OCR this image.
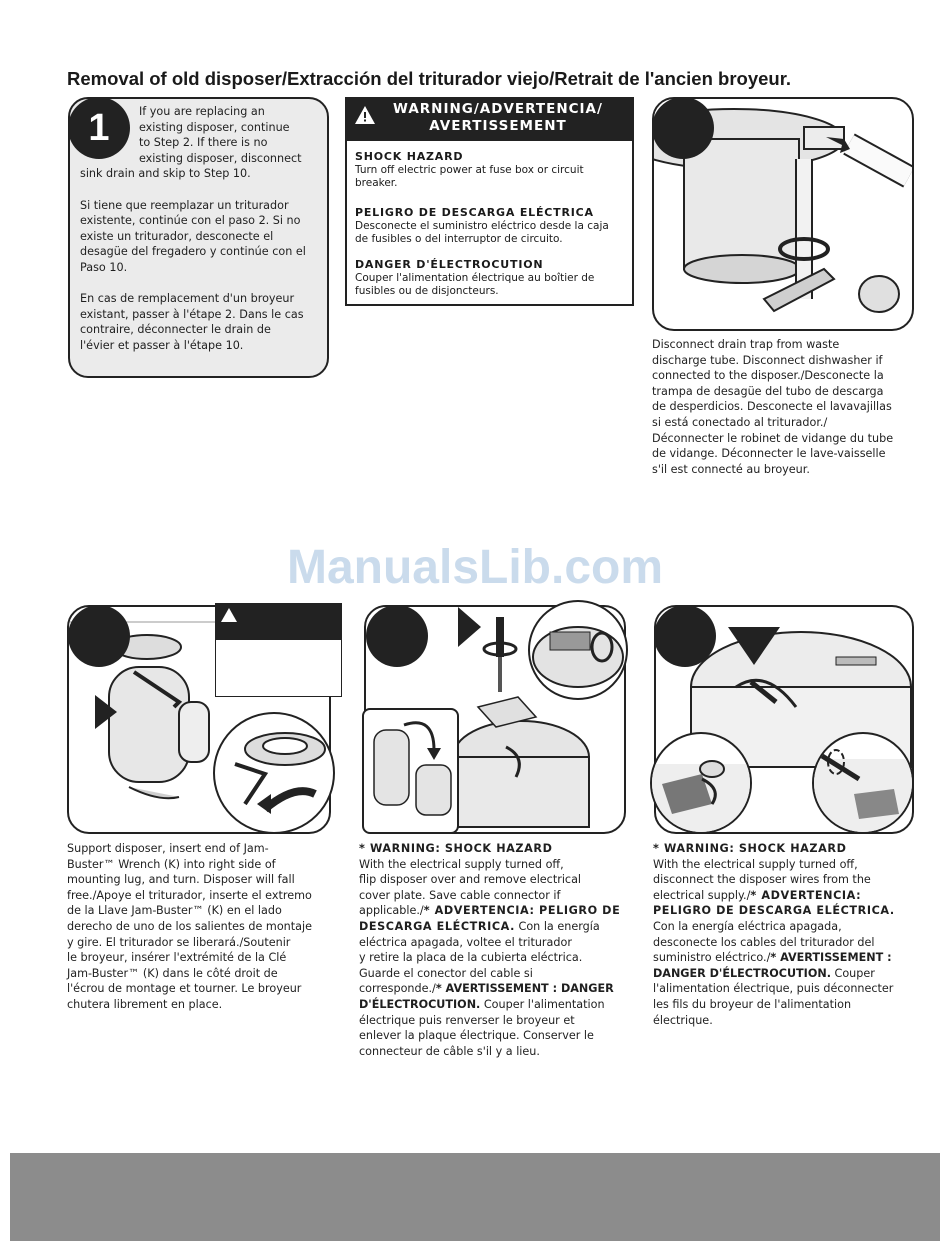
Removal of old disposer/Extracción del triturador viejo/Retrait de l'ancien broyeur.
1	If you are replacing an
existing disposer, continue
to Step 2. If there is no
existing disposer, disconnect
sink drain and skip to Step 10.

Si tiene que reemplazar un triturador
existente, continúe con el paso 2. Si no
existe un triturador, desconecte el
desagüe del fregadero y continúe con el
Paso 10.

En cas de remplacement d'un broyeur
existant, passer à l'étape 2. Dans le cas
contraire, déconnecter le drain de
l'évier et passer à l'étape 10.

WARNING/ADVERTENCIA/
AVERTISSEMENT
SHOCK HAZARD
Turn off electric power at fuse box or circuit breaker.
PELIGRO DE DESCARGA ELÉCTRICA
Desconecte el suministro eléctrico desde la caja de fusibles o del interruptor de circuito.
DANGER D'ÉLECTROCUTION
Couper l'alimentation électrique au boîtier de fusibles ou de disjoncteurs.
Disconnect drain trap from waste
discharge tube. Disconnect dishwasher if
connected to the disposer./Desconecte la
trampa de desagüe del tubo de descarga
de desperdicios. Desconecte el lavavajillas
si está conectado al triturador./
Déconnecter le robinet de vidange du tube
de vidange. Déconnecter le lave-vaisselle
s'il est connecté au broyeur.
ManualsLib.com
Support disposer, insert end of Jam-
Buster™ Wrench (K) into right side of
mounting lug, and turn. Disposer will fall
free./Apoye el triturador, inserte el extremo
de la Llave Jam-Buster™ (K) en el lado
derecho de uno de los salientes de montaje
y gire. El triturador se liberará./Soutenir
le broyeur, insérer l'extrémité de la Clé
Jam-Buster™ (K) dans le côté droit de
l'écrou de montage et tourner. Le broyeur
chutera librement en place.
* WARNING: SHOCK HAZARD
With the electrical supply turned off,
flip disposer over and remove electrical
cover plate. Save cable connector if
applicable./* ADVERTENCIA: PELIGRO DE
DESCARGA ELÉCTRICA. Con la energía
eléctrica apagada, voltee el triturador
y retire la placa de la cubierta eléctrica.
Guarde el conector del cable si
corresponde./* AVERTISSEMENT : DANGER
D'ÉLECTROCUTION. Couper l'alimentation
électrique puis renverser le broyeur et
enlever la plaque électrique. Conserver le
connecteur de câble s'il y a lieu.
* WARNING: SHOCK HAZARD
With the electrical supply turned off,
disconnect the disposer wires from the
electrical supply./* ADVERTENCIA:
PELIGRO DE DESCARGA ELÉCTRICA.
Con la energía eléctrica apagada,
desconecte los cables del triturador del
suministro eléctrico./* AVERTISSEMENT :
DANGER D'ÉLECTROCUTION. Couper
l'alimentation électrique, puis déconnecter
les fils du broyeur de l'alimentation
électrique.
